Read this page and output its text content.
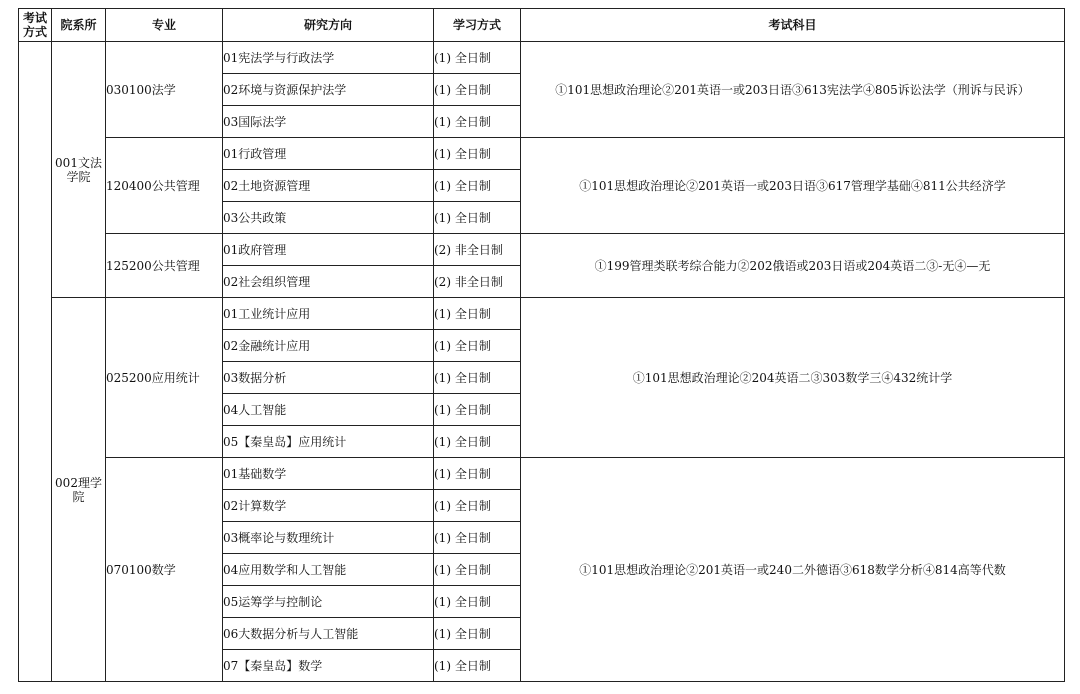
考试方式	院系所	专业	研究方向	学习方式	考试科目
	001文法学院	030100法学	01宪法学与行政法学	(1) 全日制	①101思想政治理论②201英语一或203日语③613宪法学④805诉讼法学（刑诉与民诉）
			02环境与资源保护法学	(1) 全日制	
			03国际法学	(1) 全日制	
		120400公共管理	01行政管理	(1) 全日制	①101思想政治理论②201英语一或203日语③617管理学基础④811公共经济学
			02土地资源管理	(1) 全日制	
			03公共政策	(1) 全日制	
		125200公共管理	01政府管理	(2) 非全日制	①199管理类联考综合能力②202俄语或203日语或204英语二③-无④—无
			02社会组织管理	(2) 非全日制	
	002理学院	025200应用统计	01工业统计应用	(1) 全日制	①101思想政治理论②204英语二③303数学三④432统计学
			02金融统计应用	(1) 全日制	
			03数据分析	(1) 全日制	
			04人工智能	(1) 全日制	
			05【秦皇岛】应用统计	(1) 全日制	
		070100数学	01基础数学	(1) 全日制	①101思想政治理论②201英语一或240二外德语③618数学分析④814高等代数
			02计算数学	(1) 全日制	
			03概率论与数理统计	(1) 全日制	
			04应用数学和人工智能	(1) 全日制	
			05运筹学与控制论	(1) 全日制	
			06大数据分析与人工智能	(1) 全日制	
			07【秦皇岛】数学	(1) 全日制	
